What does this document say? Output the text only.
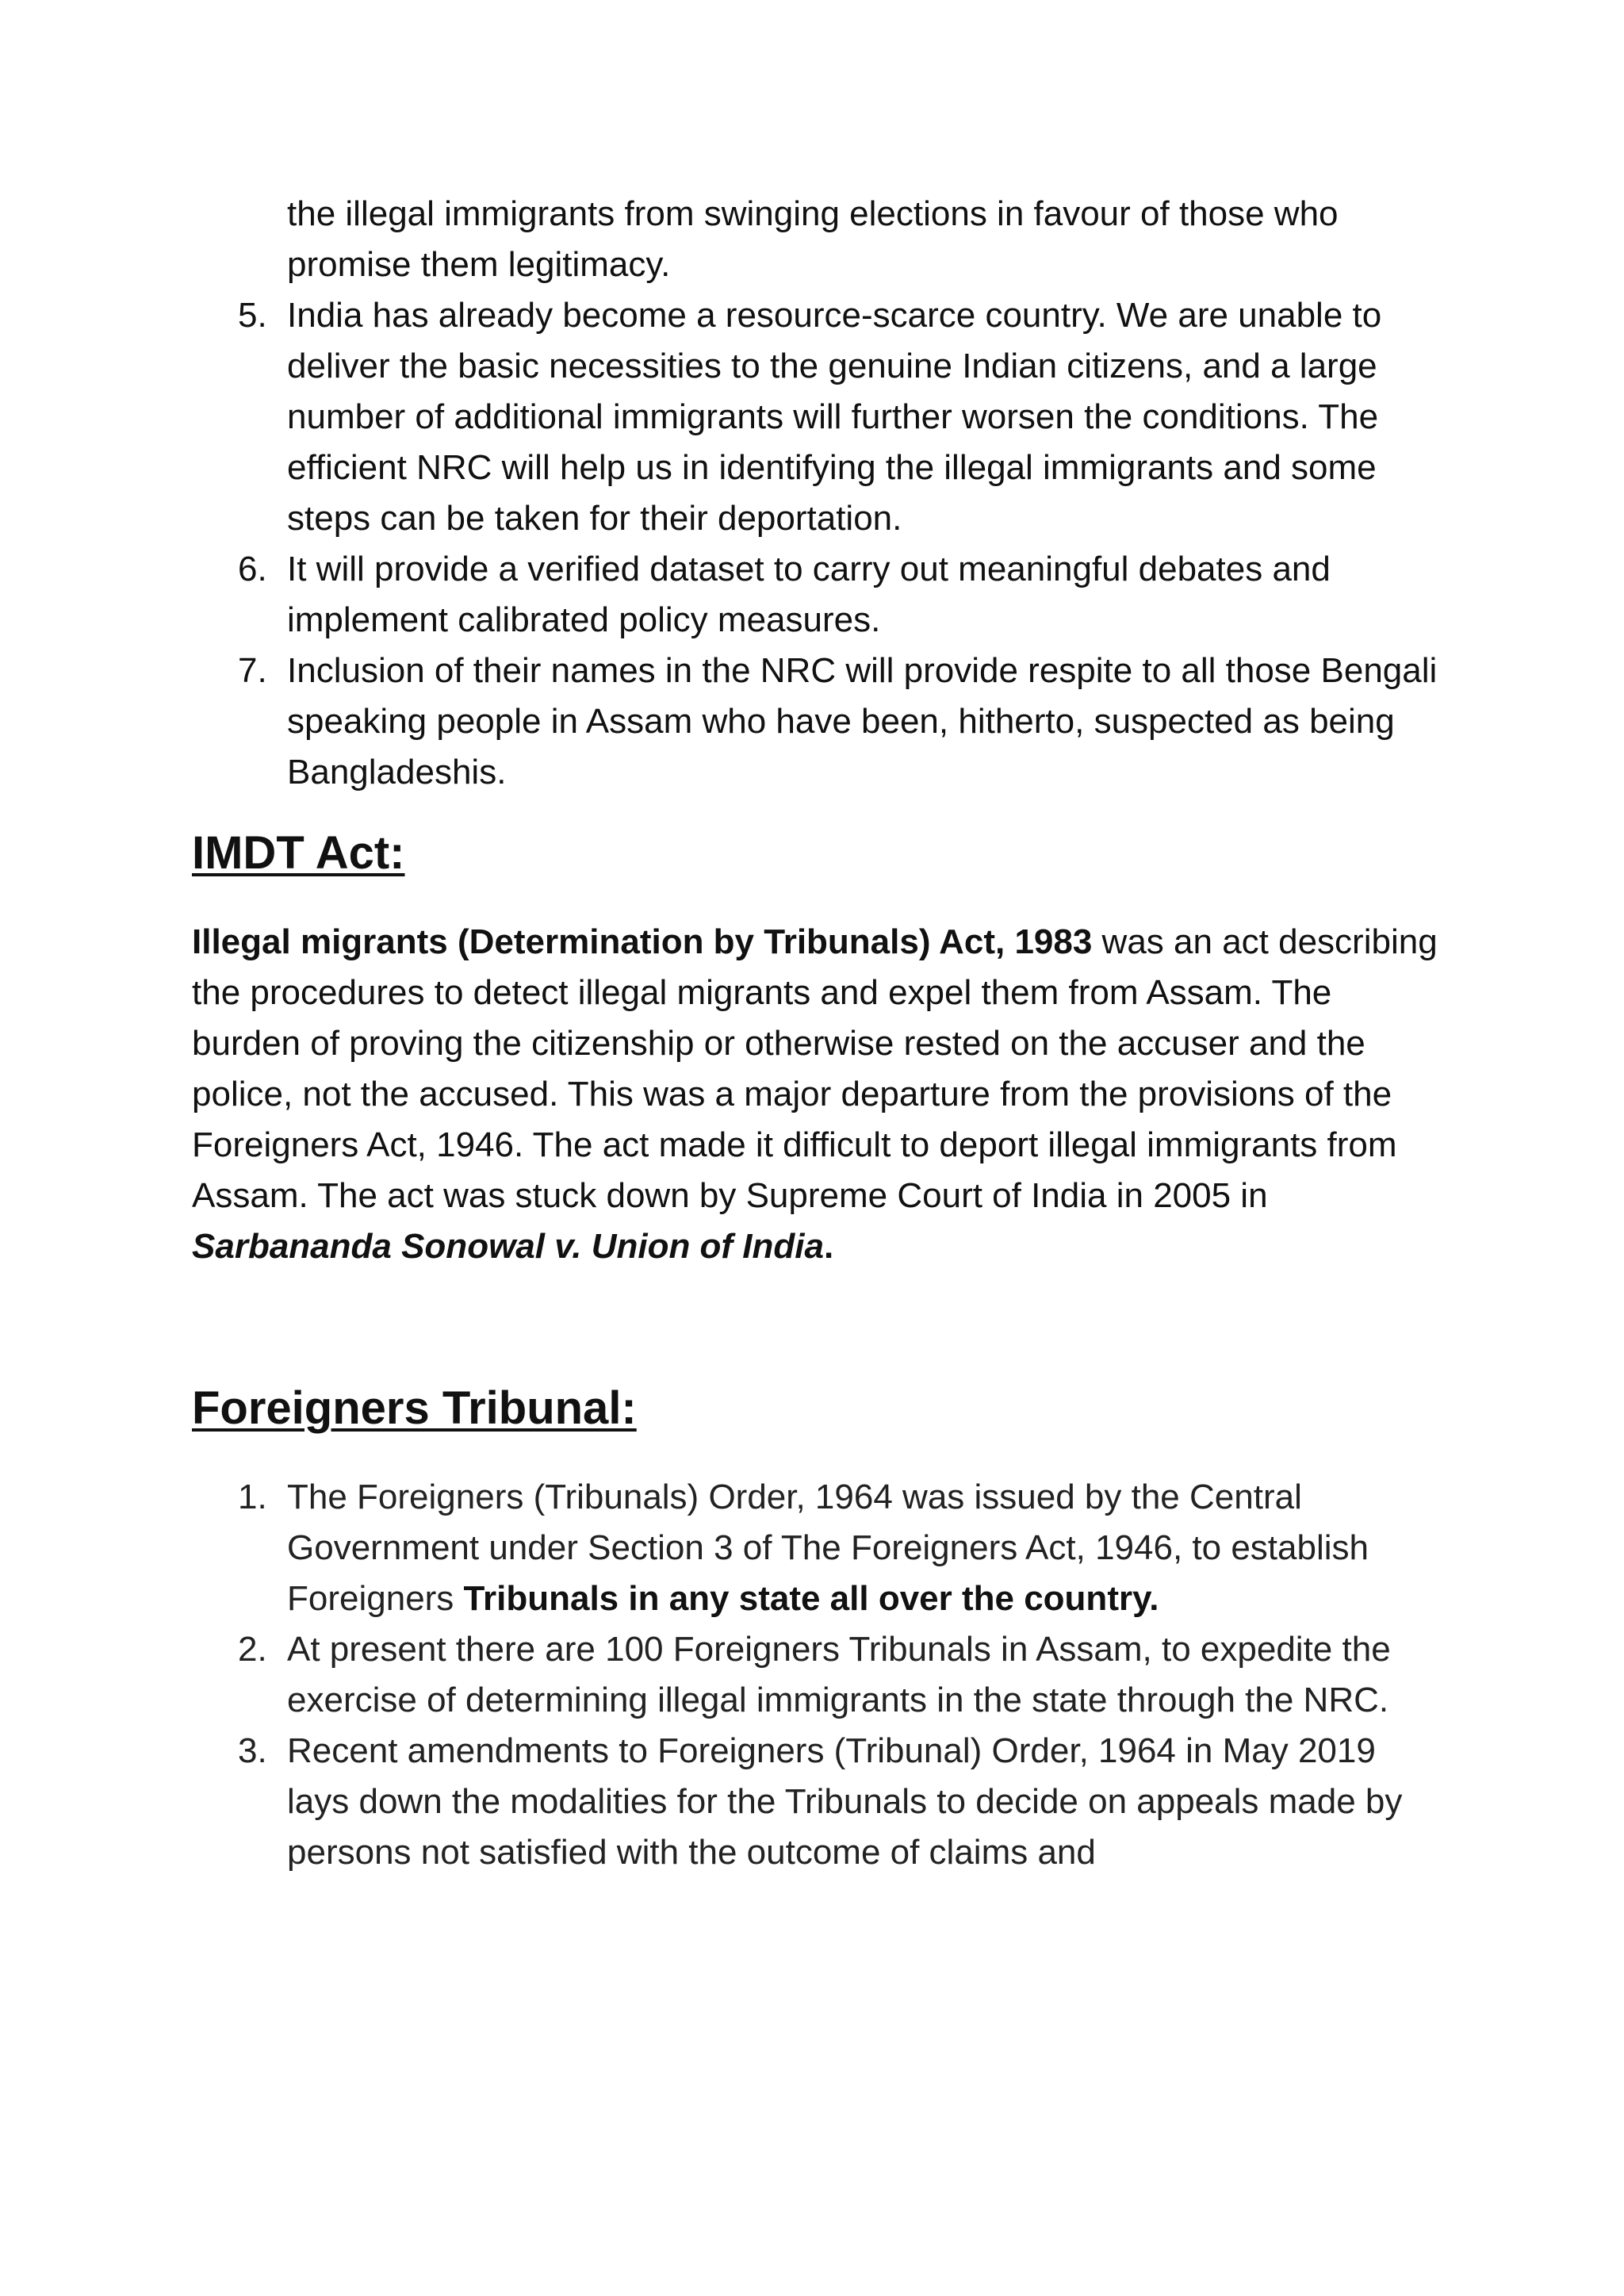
the illegal immigrants from swinging elections in favour of those who promise them legitimacy.
5. India has already become a resource-scarce country. We are unable to deliver the basic necessities to the genuine Indian citizens, and a large number of additional immigrants will further worsen the conditions. The efficient NRC will help us in identifying the illegal immigrants and some steps can be taken for their deportation.
6. It will provide a verified dataset to carry out meaningful debates and implement calibrated policy measures.
7. Inclusion of their names in the NRC will provide respite to all those Bengali speaking people in Assam who have been, hitherto, suspected as being Bangladeshis.
IMDT Act:

Illegal migrants (Determination by Tribunals) Act, 1983 was an act describing the procedures to detect illegal migrants and expel them from Assam. The burden of proving the citizenship or otherwise rested on the accuser and the police, not the accused. This was a major departure from the provisions of the Foreigners Act, 1946. The act made it difficult to deport illegal immigrants from Assam. The act was stuck down by Supreme Court of India in 2005 in Sarbananda Sonowal v. Union of India.

Foreigners Tribunal:
1. The Foreigners (Tribunals) Order, 1964 was issued by the Central Government under Section 3 of The Foreigners Act, 1946, to establish Foreigners Tribunals in any state all over the country.
2. At present there are 100 Foreigners Tribunals in Assam, to expedite the exercise of determining illegal immigrants in the state through the NRC.
3. Recent amendments to Foreigners (Tribunal) Order, 1964 in May 2019 lays down the modalities for the Tribunals to decide on appeals made by persons not satisfied with the outcome of claims and
